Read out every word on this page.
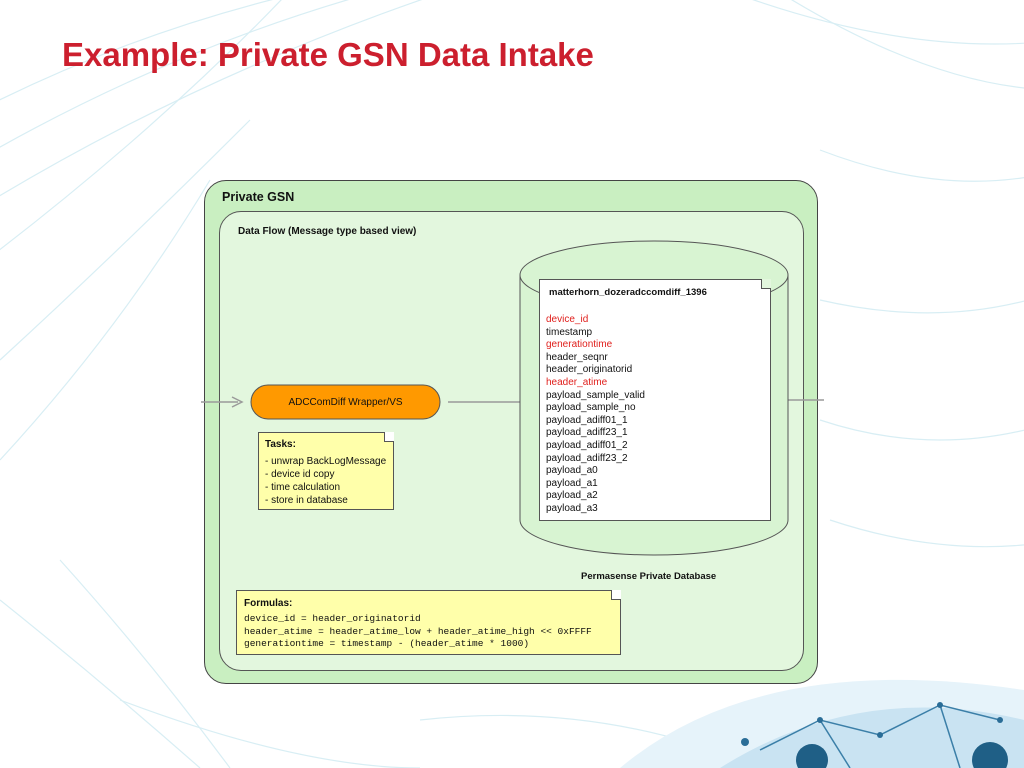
Example: Private GSN Data Intake
Private GSN
Data Flow (Message type based view)
ADCComDiff Wrapper/VS
Tasks:
- unwrap BackLogMessage
- device id copy
- time calculation
- store in database
matterhorn_dozeradccomdiff_1396
device_id
timestamp
generationtime
header_seqnr
header_originatorid
header_atime
payload_sample_valid
payload_sample_no
payload_adiff01_1
payload_adiff23_1
payload_adiff01_2
payload_adiff23_2
payload_a0
payload_a1
payload_a2
payload_a3
Permasense Private Database
Formulas:
device_id = header_originatorid
header_atime = header_atime_low + header_atime_high << 0xFFFF
generationtime = timestamp - (header_atime * 1000)
